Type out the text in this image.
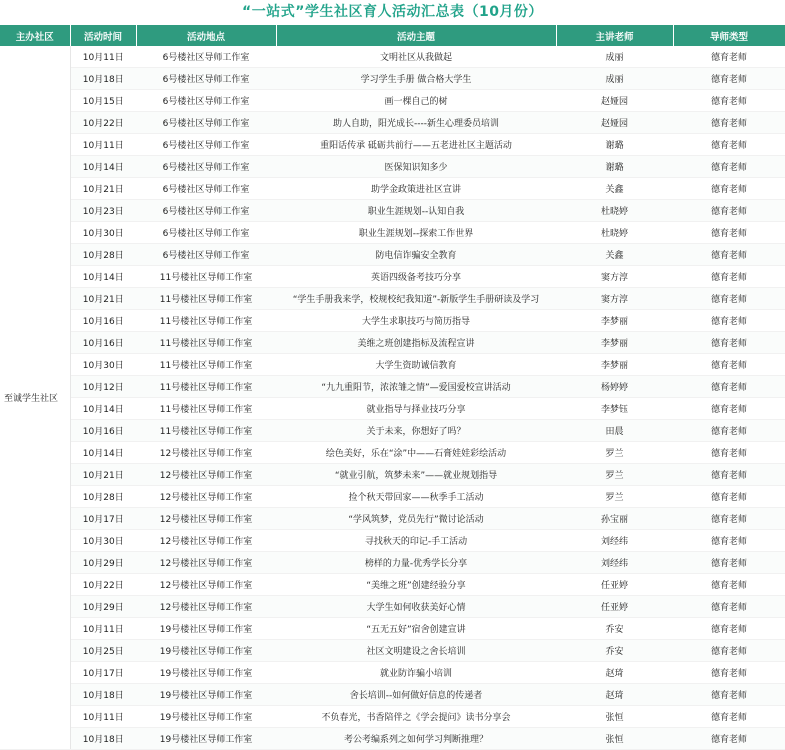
“一站式”学生社区育人活动汇总表（10月份）
主办社区	活动时间	活动地点	活动主题	主讲老师	导师类型
至诚学生社区	10月11日	6号楼社区导师工作室	文明社区从我做起	成丽	德育老师
	10月18日	6号楼社区导师工作室	学习学生手册 做合格大学生	成丽	德育老师
	10月15日	6号楼社区导师工作室	画一棵自己的树	赵娅园	德育老师
	10月22日	6号楼社区导师工作室	助人自助，阳光成长----新生心理委员培训	赵娅园	德育老师
	10月11日	6号楼社区导师工作室	重阳话传承 砥砺共前行——五老进社区主题活动	谢璐	德育老师
	10月14日	6号楼社区导师工作室	医保知识知多少	谢璐	德育老师
	10月21日	6号楼社区导师工作室	助学金政策进社区宣讲	关鑫	德育老师
	10月23日	6号楼社区导师工作室	职业生涯规划--认知自我	杜晓婷	德育老师
	10月30日	6号楼社区导师工作室	职业生涯规划--探索工作世界	杜晓婷	德育老师
	10月28日	6号楼社区导师工作室	防电信诈骗安全教育	关鑫	德育老师
	10月14日	11号楼社区导师工作室	英语四级备考技巧分享	窦方淳	德育老师
	10月21日	11号楼社区导师工作室	“学生手册我来学，校规校纪我知道”-新版学生手册研读及学习	窦方淳	德育老师
	10月16日	11号楼社区导师工作室	大学生求职技巧与简历指导	李梦丽	德育老师
	10月16日	11号楼社区导师工作室	美维之班创建指标及流程宣讲	李梦丽	德育老师
	10月30日	11号楼社区导师工作室	大学生资助诚信教育	李梦丽	德育老师
	10月12日	11号楼社区导师工作室	“九九重阳节，浓浓雏之情”—爱国爱校宣讲活动	杨婷婷	德育老师
	10月14日	11号楼社区导师工作室	就业指导与择业技巧分享	李梦钰	德育老师
	10月16日	11号楼社区导师工作室	关于未来，你想好了吗？	田晨	德育老师
	10月14日	12号楼社区导师工作室	绘色美好，乐在“涂”中——石膏娃娃彩绘活动	罗兰	德育老师
	10月21日	12号楼社区导师工作室	“就业引航，筑梦未来”——就业规划指导	罗兰	德育老师
	10月28日	12号楼社区导师工作室	捡个秋天带回家——秋季手工活动	罗兰	德育老师
	10月17日	12号楼社区导师工作室	“学风筑梦，党员先行”微讨论活动	孙宝丽	德育老师
	10月30日	12号楼社区导师工作室	寻找秋天的印记-手工活动	刘经纬	德育老师
	10月29日	12号楼社区导师工作室	榜样的力量-优秀学长分享	刘经纬	德育老师
	10月22日	12号楼社区导师工作室	“美维之班”创建经验分享	任亚婷	德育老师
	10月29日	12号楼社区导师工作室	大学生如何收获美好心情	任亚婷	德育老师
	10月11日	19号楼社区导师工作室	“五无五好”宿舍创建宣讲	乔安	德育老师
	10月25日	19号楼社区导师工作室	社区文明建设之舍长培训	乔安	德育老师
	10月17日	19号楼社区导师工作室	就业防诈骗小培训	赵琦	德育老师
	10月18日	19号楼社区导师工作室	舍长培训--如何做好信息的传递者	赵琦	德育老师
	10月11日	19号楼社区导师工作室	不负春光，书香陪伴之《学会提问》读书分享会	张恒	德育老师
	10月18日	19号楼社区导师工作室	考公考编系列之如何学习判断推理？	张恒	德育老师
